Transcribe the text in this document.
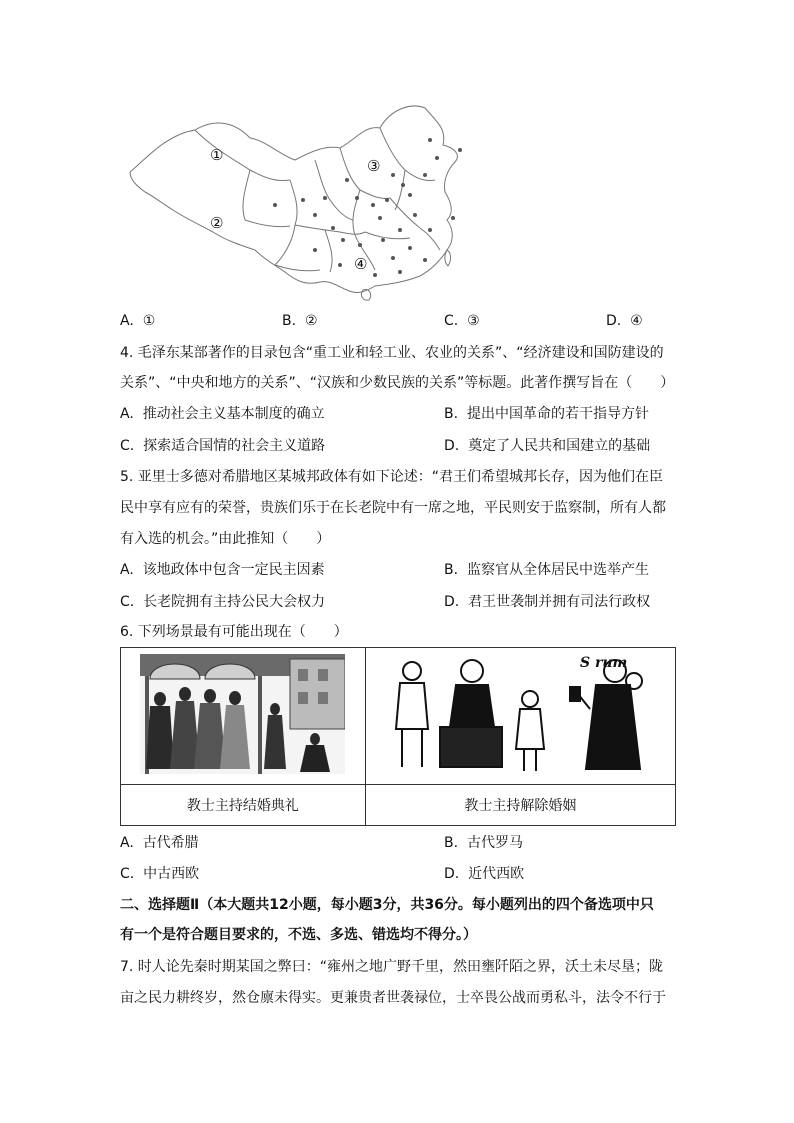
①
②
③
④
A. ①	B. ②	C. ③	D. ④
4. 毛泽东某部著作的目录包含“重工业和轻工业、农业的关系”、“经济建设和国防建设的
关系”、“中央和地方的关系”、“汉族和少数民族的关系”等标题。此著作撰写旨在（　　）
A. 推动社会主义基本制度的确立	B. 提出中国革命的若干指导方针
C. 探索适合国情的社会主义道路	D. 奠定了人民共和国建立的基础
5. 亚里士多德对希腊地区某城邦政体有如下论述：“君王们希望城邦长存，因为他们在臣
民中享有应有的荣誉，贵族们乐于在长老院中有一席之地，平民则安于监察制，所有人都
有入选的机会。”由此推知（　　）
A. 该地政体中包含一定民主因素	B. 监察官从全体居民中选举产生
C. 长老院拥有主持公民大会权力	D. 君王世袭制并拥有司法行政权
6. 下列场景最有可能出现在（　　）

S rum

教士主持结婚典礼	教士主持解除婚姻
A. 古代希腊	B. 古代罗马
C. 中古西欧	D. 近代西欧
二、选择题Ⅱ（本大题共12小题，每小题3分，共36分。每小题列出的四个备选项中只
有一个是符合题目要求的，不选、多选、错选均不得分。）
7. 时人论先秦时期某国之弊曰：“雍州之地广野千里，然田壅阡陌之界，沃土未尽垦；陇
亩之民力耕终岁，然仓廪未得实。更兼贵者世袭禄位，士卒畏公战而勇私斗，法令不行于
